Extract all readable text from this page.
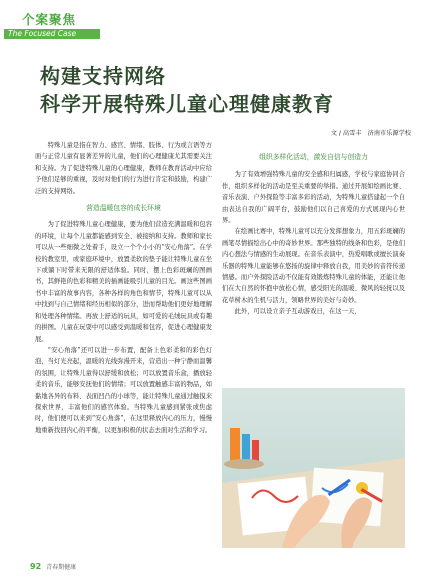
个案聚焦
The Focused Case
构建支持网络
科学开展特殊儿童心理健康教育
文 / 高雪丰　济南市乐源学校

特殊儿童是指在智力、感官、情绪、肢体、行为或言语等方面与正常儿童有显著差异的儿童，他们的心理健康尤其需要关注和支持。为了促进特殊儿童的心理健康，教师在教育活动中应给予他们足够的重视，及时对他们的行为进行肯定和鼓励，构建广泛的支持网络。

营造温暖包容的成长环境

为了促进特殊儿童心理健康，要为他们营造充满温暖和包容的环境，让每个儿童都能感到安全、被接纳和支持。教师和家长可以从一些细微之处着手，设立一个个小小的“安心角落”。在学校的教室里，或家庭环境中，放置柔软的垫子能让特殊儿童在坐下或躺下时带来无限的舒适体验。同时，摆上色彩斑斓的图画书，其鲜艳的色彩和精美的插画能吸引儿童的目光。画这些图画书中丰富的故事内容，各种各样的角色和情节，特殊儿童可以从中找到与自己情绪和经历相似的部分，进而帮助他们更好地理解和处理各种情绪。再放上舒适的玩具，如可爱的毛绒玩具或有趣的拼图。儿童在玩耍中可以感受到温暖和包容，促进心理健康发展。

“安心角落”还可以进一步布置，配备上色彩柔和的彩色灯泡，当灯光亮起，温暖的光线弥漫开来，营造出一种宁静而温馨的氛围，让特殊儿童得以舒缓和放松；可以放置音乐盒，播放轻柔的音乐，能够安抚他们的情绪；可以放置触感丰富的物品，如黏地各异的布料、表面凹凸的小球等，能让特殊儿童通过触摸来探索世界，丰富他们的感官体验。当特殊儿童感到紧张或焦虑时，他们便可以来到“安心角落”，在这里释放内心的压力，慢慢地重新找回内心的平衡，以更加积极的状态去面对生活和学习。

组织多样化活动，激发自信与创造力

为了有效增强特殊儿童的安全感和归属感，学校与家庭协同合作，组织多样化的活动是至关重要的举措。通过开展如绘画比赛、音乐表演、户外探险等丰富多彩的活动，为特殊儿童搭建起一个自由表达自我的广阔平台，鼓励他们以自己喜爱的方式展现内心世界。

在绘画比赛中，特殊儿童可以充分发挥想象力，用五彩斑斓的画笔尽情描绘出心中的奇妙世界。那些独特的线条和色彩，是他们内心想法与情感的生动展现。在音乐表演中，热爱唱歌或擅长演奏乐器的特殊儿童能够在悠扬的旋律中释放自我，用美妙的音符传递情感。而户外探险活动不仅能有效锻炼特殊儿童的体能，还能让他们在大自然的怀抱中放松心情，感受阳光的温暖、微风的轻抚以及花草树木的生机与活力，领略世界的美好与奇妙。

此外，可以设立亲子互动游戏日，在这一天，

92 青春期健康
